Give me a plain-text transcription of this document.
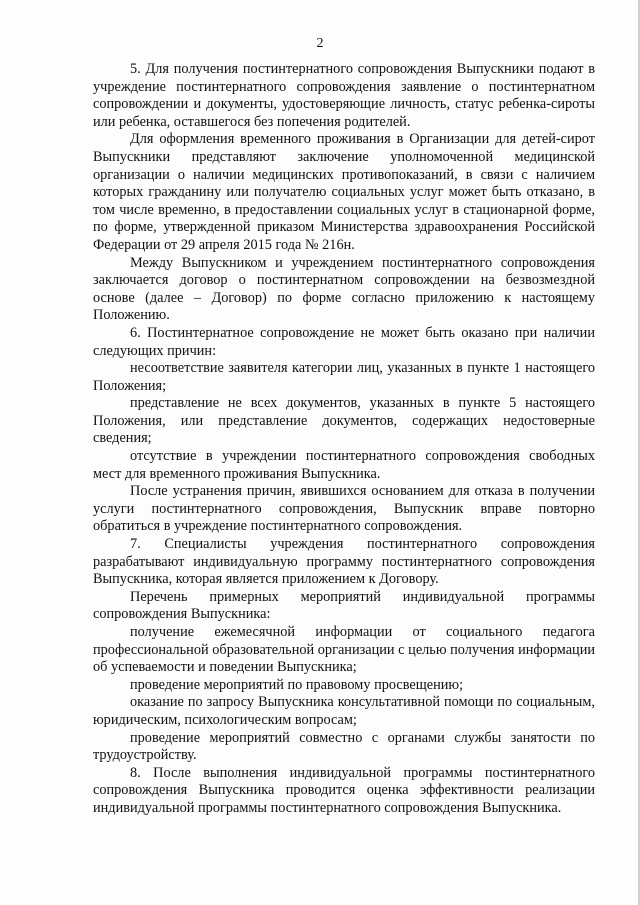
2

5. Для получения постинтернатного сопровождения Выпускники подают в учреждение постинтернатного сопровождения заявление о постинтернатном сопровождении и документы, удостоверяющие личность, статус ребенка-сироты или ребенка, оставшегося без попечения родителей.

Для оформления временного проживания в Организации для детей-сирот Выпускники представляют заключение уполномоченной медицинской организации о наличии медицинских противопоказаний, в связи с наличием которых гражданину или получателю социальных услуг может быть отказано, в том числе временно, в предоставлении социальных услуг в стационарной форме, по форме, утвержденной приказом Министерства здравоохранения Российской Федерации от 29 апреля 2015 года № 216н.

Между Выпускником и учреждением постинтернатного сопровождения заключается договор о постинтернатном сопровождении на безвозмездной основе (далее – Договор) по форме согласно приложению к настоящему Положению.

6. Постинтернатное сопровождение не может быть оказано при наличии следующих причин:

несоответствие заявителя категории лиц, указанных в пункте 1 настоящего Положения;

представление не всех документов, указанных в пункте 5 настоящего Положения, или представление документов, содержащих недостоверные сведения;

отсутствие в учреждении постинтернатного сопровождения свободных мест для временного проживания Выпускника.

После устранения причин, явившихся основанием для отказа в получении услуги постинтернатного сопровождения, Выпускник вправе повторно обратиться в учреждение постинтернатного сопровождения.

7. Специалисты учреждения постинтернатного сопровождения разрабатывают индивидуальную программу постинтернатного сопровождения Выпускника, которая является приложением к Договору.

Перечень примерных мероприятий индивидуальной программы сопровождения Выпускника:

получение ежемесячной информации от социального педагога профессиональной образовательной организации с целью получения информации об успеваемости и поведении Выпускника;

проведение мероприятий по правовому просвещению;

оказание по запросу Выпускника консультативной помощи по социальным, юридическим, психологическим вопросам;

проведение мероприятий совместно с органами службы занятости по трудоустройству.

8. После выполнения индивидуальной программы постинтернатного сопровождения Выпускника проводится оценка эффективности реализации индивидуальной программы постинтернатного сопровождения Выпускника.
